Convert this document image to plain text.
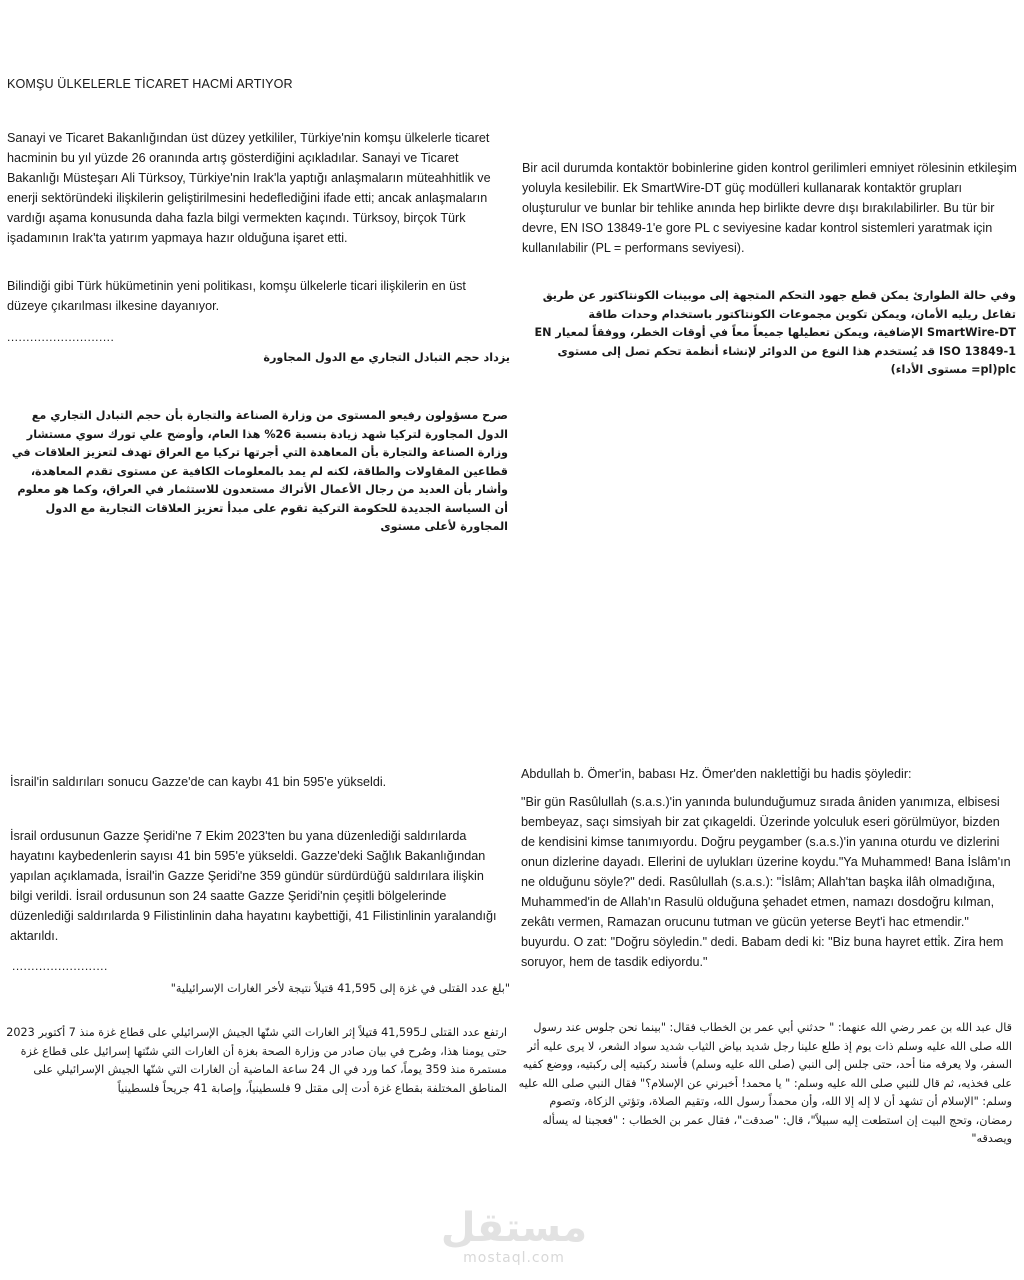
KOMŞU ÜLKELERLE TİCARET HACMİ ARTIYOR

Sanayi ve Ticaret Bakanlığından üst düzey yetkililer, Türkiye'nin komşu ülkelerle ticaret hacminin bu yıl yüzde 26 oranında artış gösterdiğini açıkladılar. Sanayi ve Ticaret Bakanlığı Müsteşarı Ali Türksoy, Türkiye'nin Irak'la yaptığı anlaşmaların müteahhitlik ve enerji sektöründeki ilişkilerin geliştirilmesini hedeflediğini ifade etti; ancak anlaşmaların vardığı aşama konusunda daha fazla bilgi vermekten kaçındı. Türksoy, birçok Türk işadamının Irak'ta yatırım yapmaya hazır olduğuna işaret etti.

Bilindiği gibi Türk hükümetinin yeni politikası, komşu ülkelerle ticari ilişkilerin en üst düzeye çıkarılması ilkesine dayanıyor.

............................

يزداد حجم التبادل التجاري مع الدول المجاورة

صرح مسؤولون رفيعو المستوى من وزارة الصناعة والتجارة بأن حجم التبادل التجاري مع الدول المجاورة لتركيا شهد زيادة بنسبة 26% هذا العام، وأوضح علي تورك سوي مستشار وزارة الصناعة والتجارة بأن المعاهدة التي أجرتها تركيا مع العراق تهدف لتعزيز العلاقات في قطاعين المقاولات والطاقة، لكنه لم يمد بالمعلومات الكافية عن مستوى تقدم المعاهدة، وأشار بأن العديد من رجال الأعمال الأتراك مستعدون للاستثمار في العراق، وكما هو معلوم أن السياسة الجديدة للحكومة التركية تقوم على مبدأ تعزيز العلاقات التجارية مع الدول المجاورة لأعلى مستوى

Bir acil durumda kontaktör bobinlerine giden kontrol gerilimleri emniyet rölesinin etkileşim yoluyla kesilebilir. Ek SmartWire-DT güç modülleri kullanarak kontaktör grupları oluşturulur ve bunlar bir tehlike anında hep birlikte devre dışı bırakılabilirler. Bu tür bir devre, EN ISO 13849-1'e gore PL c seviyesine kadar kontrol sistemleri yaratmak için kullanılabilir (PL = performans seviyesi).

وفي حالة الطوارئ يمكن قطع جهود التحكم المتجهة إلى موبينات الكونتاكتور عن طريق تفاعل ريليه الأمان، ويمكن تكوين مجموعات الكونتاكتور باستخدام وحدات طاقة SmartWire-DT الإضافية، ويمكن تعطيلها جميعاً معاً في أوقات الخطر، ووفقاً لمعيار EN ISO 13849-1 قد يُستخدم هذا النوع من الدوائر لإنشاء أنظمة تحكم تصل إلى مستوى plc(pl= مستوى الأداء)

İsrail'in saldırıları sonucu Gazze'de can kaybı 41 bin 595'e yükseldi.

İsrail ordusunun Gazze Şeridi'ne 7 Ekim 2023'ten bu yana düzenlediği saldırılarda hayatını kaybedenlerin sayısı 41 bin 595'e yükseldi. Gazze'deki Sağlık Bakanlığından yapılan açıklamada, İsrail'in Gazze Şeridi'ne 359 gündür sürdürdüğü saldırılara ilişkin bilgi verildi. İsrail ordusunun son 24 saatte Gazze Şeridi'nin çeşitli bölgelerinde düzenlediği saldırılarda 9 Filistinlinin daha hayatını kaybettiği, 41 Filistinlinin yaralandığı aktarıldı.

.........................

"بلغ عدد القتلى في غزة إلى 41,595 قتيلاً نتيجة لأخر الغارات الإسرائيلية"

ارتفع عدد القتلى لـ41,595 قتيلاً إثر الغارات التي شنّها الجيش الإسرائيلي على قطاع غزة منذ 7 أكتوبر 2023 حتى يومنا هذا، وصُرح في بيان صادر من وزارة الصحة بغزة أن الغارات التي شنّتها إسرائيل على قطاع غزة مستمرة منذ 359 يوماً، كما ورد في ال 24 ساعة الماضية أن الغارات التي شنّها الجيش الإسرائيلي على المناطق المختلفة بقطاع غزة أدت إلى مقتل 9 فلسطينياً، وإصابة 41 جريحاً فلسطينياً

Abdullah b. Ömer'in, babası Hz. Ömer'den nakletti̇ği bu hadis şöyledir:

"Bir gün Rasûlullah (s.a.s.)'in yanında bulunduğumuz sırada âniden yanımıza, elbisesi bembeyaz, saçı simsiyah bir zat çıkageldi. Üzerinde yolculuk eseri görülmüyor, bizden de kendisini kimse tanımıyordu. Doğru peygamber (s.a.s.)'in yanına oturdu ve dizlerini onun dizlerine dayadı. Ellerini de uylukları üzerine koydu."Ya Muhammed! Bana İslâm'ın ne olduğunu söyle?" dedi. Rasûlullah (s.a.s.): "İslâm; Allah'tan başka ilâh olmadığına, Muhammed'in de Allah'ın Rasulü olduğuna şehadet etmen, namazı dosdoğru kılman, zekâtı vermen, Ramazan orucunu tutman ve gücün yeterse Beyt'i hac etmendir." buyurdu. O zat: "Doğru söyledin." dedi. Babam dedi ki: "Biz buna hayret etti̇k. Zira hem soruyor, hem de tasdik ediyordu."

قال عبد الله بن عمر رضي الله عنهما: " حدثني أبي عمر بن الخطاب فقال: "بينما نحن جلوس عند رسول الله صلى الله عليه وسلم ذات يوم إذ طلع علينا رجل شديد بياض الثياب شديد سواد الشعر، لا يرى عليه أثر السفر، ولا يعرفه منا أحد، حتى جلس إلى النبي (صلى الله عليه وسلم) فأسند ركبتيه إلى ركبتيه، ووضع كفيه على فخذيه، ثم قال للنبي صلى الله عليه وسلم: " يا محمد! أخبرني عن الإسلام؟" فقال النبي صلى الله عليه وسلم: "الإسلام أن تشهد أن لا إله إلا الله، وأن محمداً رسول الله، وتقيم الصلاة، وتؤتي الزكاة، وتصوم رمضان، وتحج البيت إن استطعت إليه سبيلاً"، قال: "صدقت"، فقال عمر بن الخطاب : "فعجبنا له يسأله ويصدقه"

مستقل
mostaql.com
